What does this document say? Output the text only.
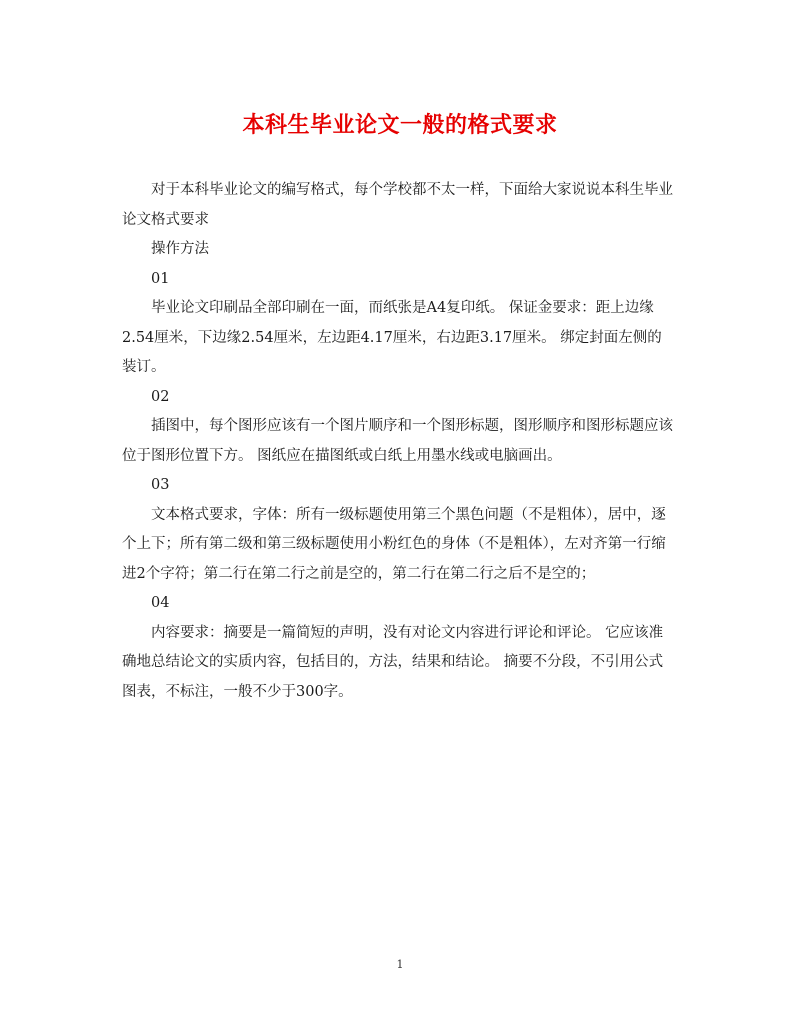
本科生毕业论文一般的格式要求

对于本科毕业论文的编写格式，每个学校都不太一样，下面给大家说说本科生毕业论文格式要求

操作方法

01

毕业论文印刷品全部印刷在一面，而纸张是A4复印纸。 保证金要求：距上边缘2.54厘米，下边缘2.54厘米，左边距4.17厘米，右边距3.17厘米。 绑定封面左侧的装订。

02

插图中，每个图形应该有一个图片顺序和一个图形标题，图形顺序和图形标题应该位于图形位置下方。 图纸应在描图纸或白纸上用墨水线或电脑画出。

03

文本格式要求，字体：所有一级标题使用第三个黑色问题（不是粗体），居中，逐个上下；所有第二级和第三级标题使用小粉红色的身体（不是粗体），左对齐第一行缩进2个字符；第二行在第二行之前是空的，第二行在第二行之后不是空的；

04

内容要求：摘要是一篇简短的声明，没有对论文内容进行评论和评论。 它应该准确地总结论文的实质内容，包括目的，方法，结果和结论。 摘要不分段，不引用公式图表，不标注，一般不少于300字。

1
